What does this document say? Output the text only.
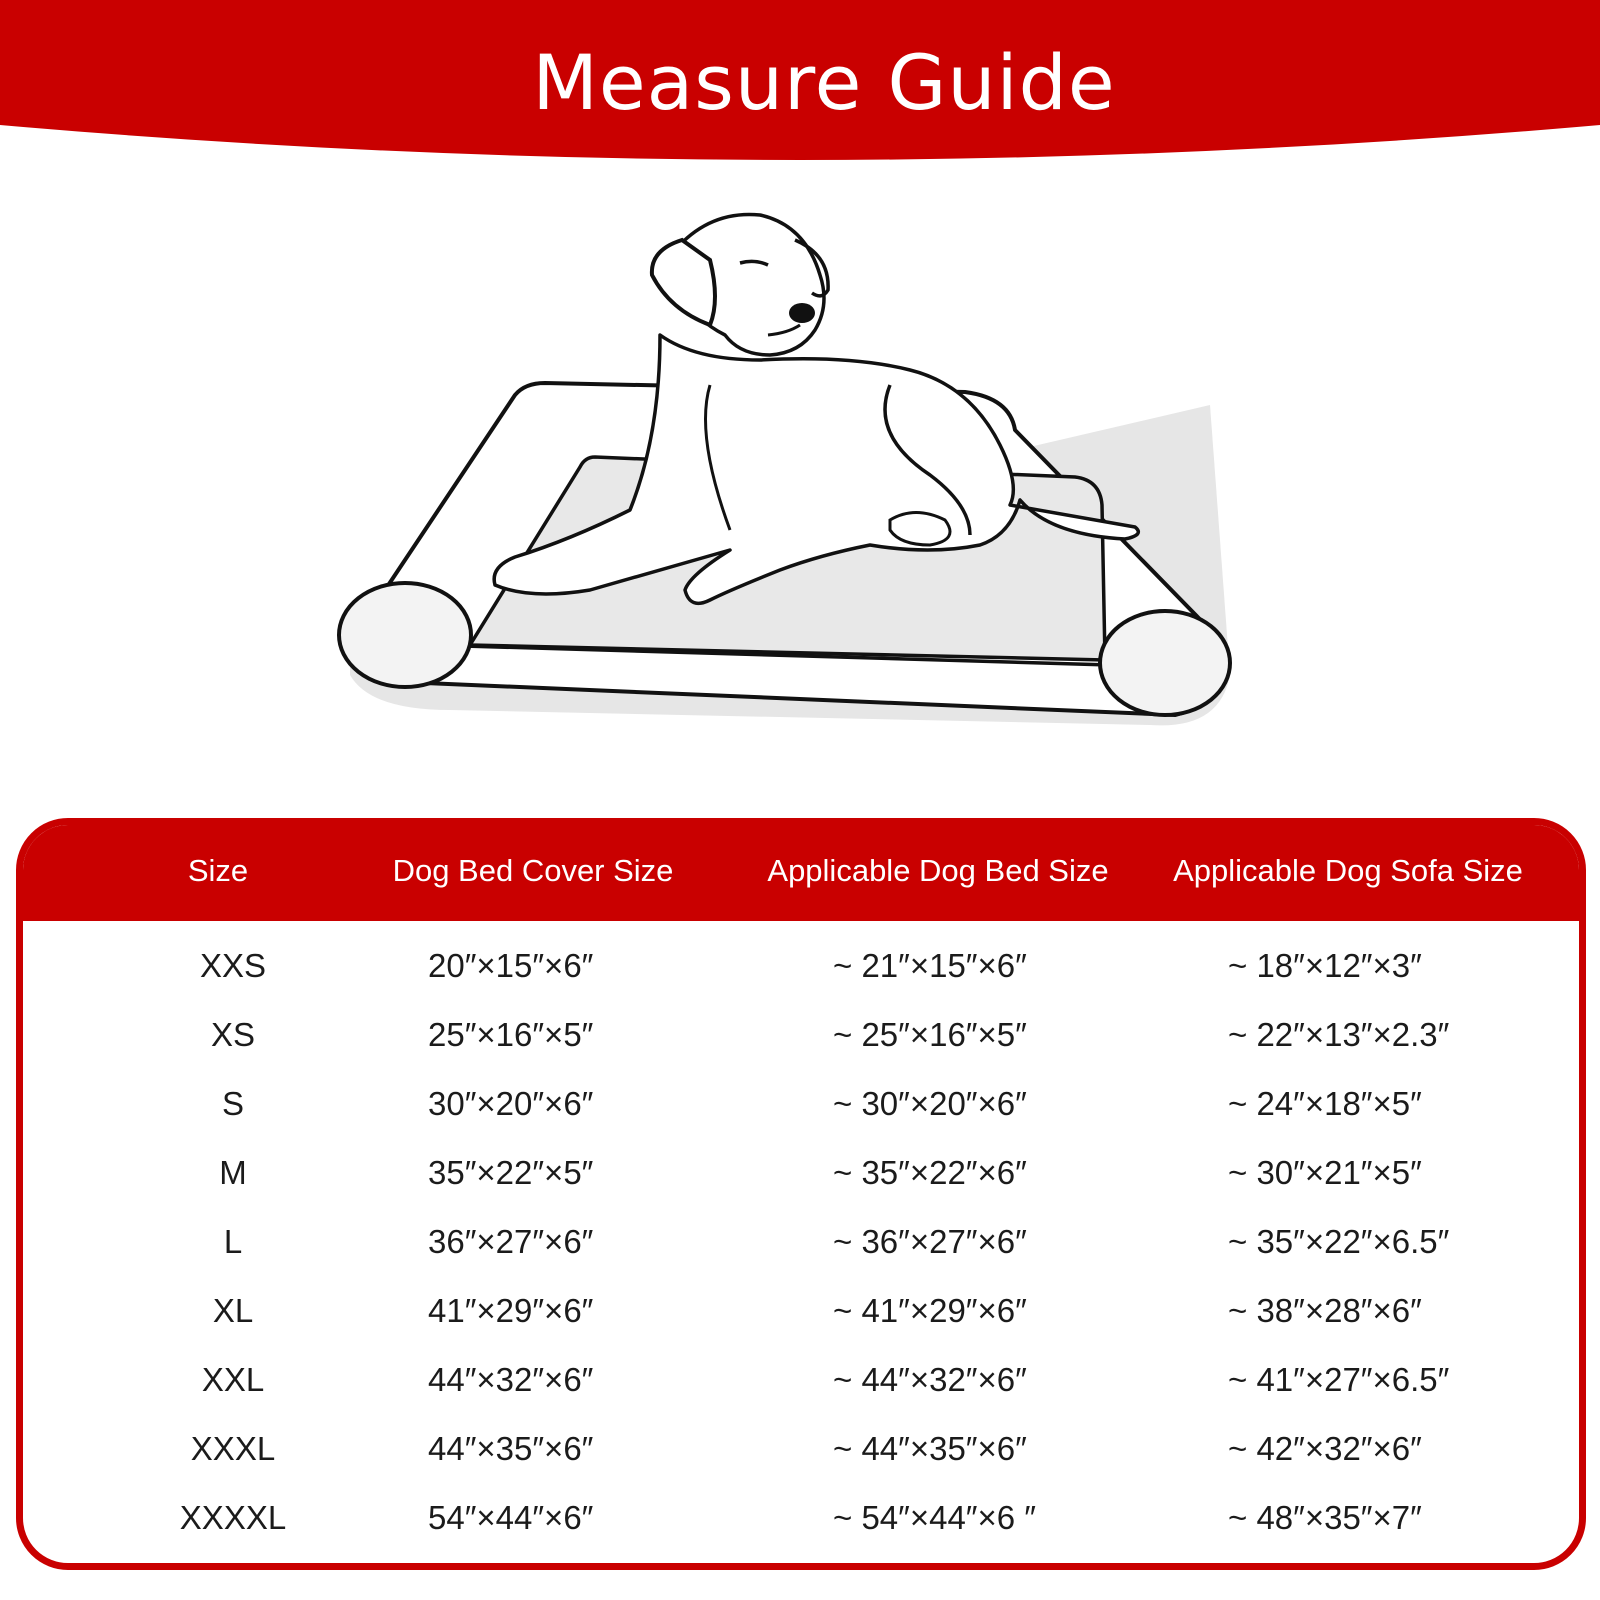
Measure Guide
Size	Dog Bed Cover Size	Applicable Dog Bed Size	Applicable Dog Sofa Size
XXS	20″×15″×6″	~ 21″×15″×6″	~ 18″×12″×3″
XS	25″×16″×5″	~ 25″×16″×5″	~ 22″×13″×2.3″
S	30″×20″×6″	~ 30″×20″×6″	~ 24″×18″×5″
M	35″×22″×5″	~ 35″×22″×6″	~ 30″×21″×5″
L	36″×27″×6″	~ 36″×27″×6″	~ 35″×22″×6.5″
XL	41″×29″×6″	~ 41″×29″×6″	~ 38″×28″×6″
XXL	44″×32″×6″	~ 44″×32″×6″	~ 41″×27″×6.5″
XXXL	44″×35″×6″	~ 44″×35″×6″	~ 42″×32″×6″
XXXXL	54″×44″×6″	~ 54″×44″×6 ″	~ 48″×35″×7″
